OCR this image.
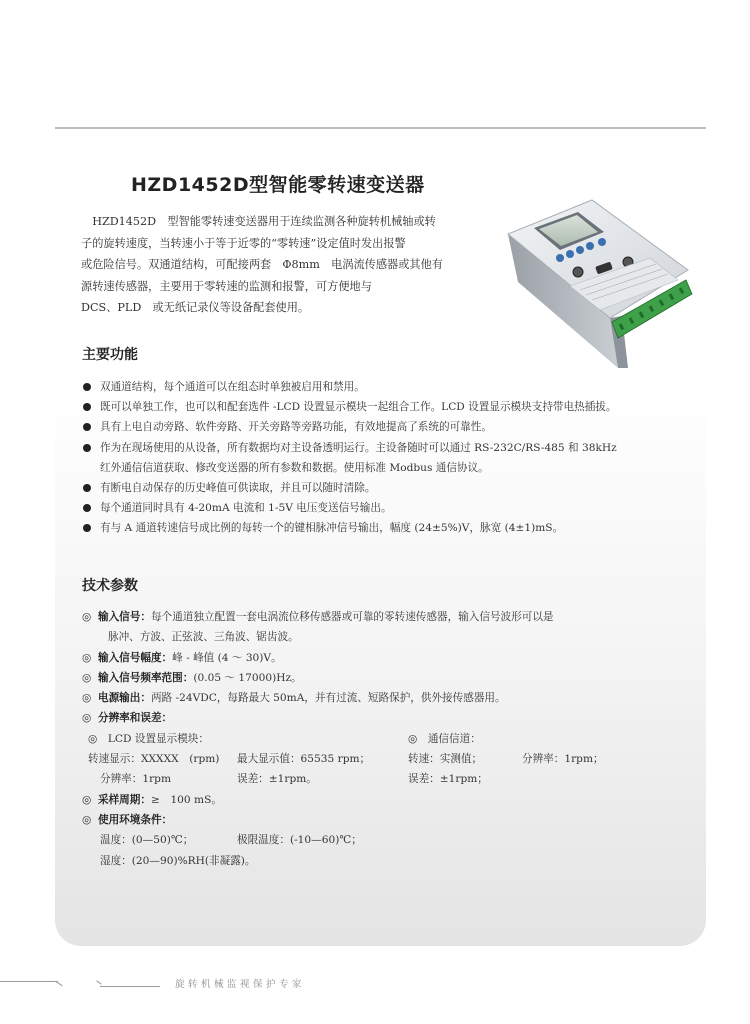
HZD1452D型智能零转速变送器
　HZD1452D　型智能零转速变送器用于连续监测各种旋转机械轴或转
子的旋转速度，当转速小于等于近零的“零转速”设定值时发出报警
或危险信号。双通道结构，可配接两套　Φ8mm　电涡流传感器或其他有
源转速传感器，主要用于零转速的监测和报警，可方便地与
DCS、PLD　或无纸记录仪等设备配套使用。
主要功能
双通道结构，每个通道可以在组态时单独被启用和禁用。
既可以单独工作，也可以和配套选件 -LCD 设置显示模块一起组合工作。LCD 设置显示模块支持带电热插拔。
具有上电自动旁路、软件旁路、开关旁路等旁路功能，有效地提高了系统的可靠性。
作为在现场使用的从设备，所有数据均对主设备透明运行。主设备随时可以通过 RS-232C/RS-485 和 38kHz
红外通信信道获取、修改变送器的所有参数和数据。使用标准 Modbus 通信协议。
有断电自动保存的历史峰值可供读取，并且可以随时清除。
每个通道同时具有 4-20mA 电流和 1-5V 电压变送信号输出。
有与 A 通道转速信号成比例的每转一个的键相脉冲信号输出，幅度 (24±5%)V，脉宽 (4±1)mS。
技术参数
◎ 输入信号：每个通道独立配置一套电涡流位移传感器或可靠的零转速传感器，输入信号波形可以是
脉冲、方波、正弦波、三角波、锯齿波。
◎ 输入信号幅度：峰 - 峰值 (4 ～ 30)V。
◎ 输入信号频率范围：(0.05 ～ 17000)Hz。
◎ 电源输出：两路 -24VDC，每路最大 50mA，并有过流、短路保护，供外接传感器用。
◎ 分辨率和误差：
◎　LCD 设置显示模块：	◎　通信信道：
转速显示：XXXXX　(rpm) 最大显示值：65535 rpm；	转速：实测值；	分辨率：1rpm；
分辨率：1rpm	误差：±1rpm。	误差：±1rpm；
◎ 采样周期：≥　100 mS。
◎ 使用环境条件：
温度：(0—50)℃；	极限温度：(-10—60)℃；
湿度：(20—90)%RH(非凝露)。
旋转机械监视保护专家
